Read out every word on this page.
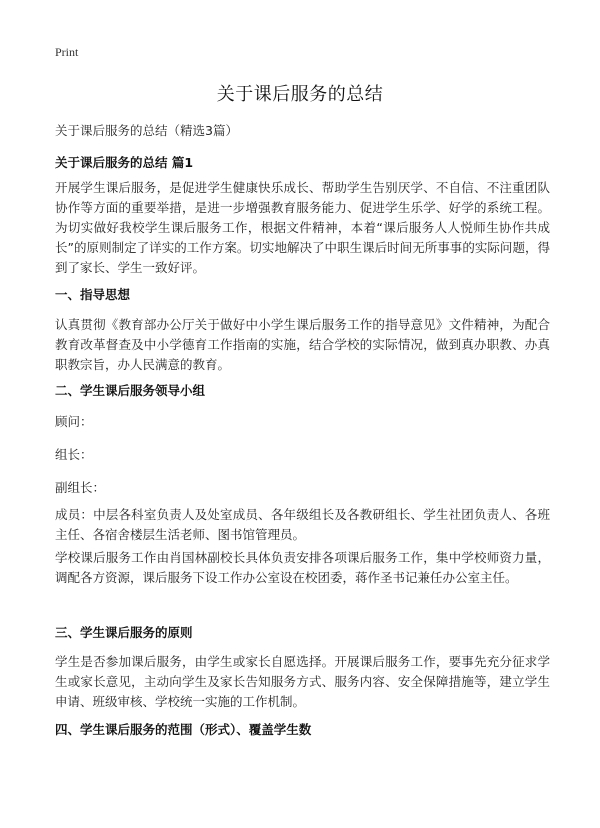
Print
关于课后服务的总结
关于课后服务的总结（精选3篇）
关于课后服务的总结 篇1
开展学生课后服务，是促进学生健康快乐成长、帮助学生告别厌学、不自信、不注重团队协作等方面的重要举措，是进一步增强教育服务能力、促进学生乐学、好学的系统工程。为切实做好我校学生课后服务工作，根据文件精神，本着“课后服务人人悦师生协作共成长”的原则制定了详实的工作方案。切实地解决了中职生课后时间无所事事的实际问题，得到了家长、学生一致好评。
一、指导思想
认真贯彻《教育部办公厅关于做好中小学生课后服务工作的指导意见》文件精神，为配合教育改革督查及中小学德育工作指南的实施，结合学校的实际情况，做到真办职教、办真职教宗旨，办人民满意的教育。
二、学生课后服务领导小组
顾问：
组长：
副组长：
成员：中层各科室负责人及处室成员、各年级组长及各教研组长、学生社团负责人、各班主任、各宿舍楼层生活老师、图书馆管理员。
学校课后服务工作由肖国林副校长具体负责安排各项课后服务工作，集中学校师资力量，调配各方资源，课后服务下设工作办公室设在校团委，蒋作圣书记兼任办公室主任。
三、学生课后服务的原则
学生是否参加课后服务，由学生或家长自愿选择。开展课后服务工作，要事先充分征求学生或家长意见，主动向学生及家长告知服务方式、服务内容、安全保障措施等，建立学生申请、班级审核、学校统一实施的工作机制。
四、学生课后服务的范围（形式）、覆盖学生数
